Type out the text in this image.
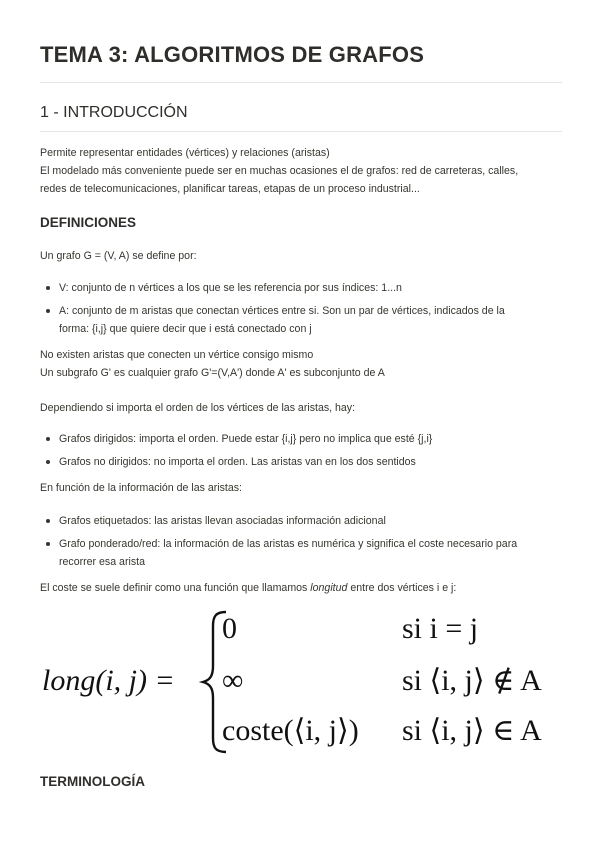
TEMA 3: ALGORITMOS DE GRAFOS
1 - INTRODUCCIÓN
Permite representar entidades (vértices) y relaciones (aristas)
El modelado más conveniente puede ser en muchas ocasiones el de grafos: red de carreteras, calles,
redes de telecomunicaciones, planificar tareas, etapas de un proceso industrial...
DEFINICIONES
Un grafo G = (V, A) se define por:
V: conjunto de n vértices a los que se les referencia por sus índices: 1...n
A: conjunto de m aristas que conectan vértices entre si. Son un par de vértices, indicados de la
forma: {i,j} que quiere decir que i está conectado con j
No existen aristas que conecten un vértice consigo mismo
Un subgrafo G' es cualquier grafo G'=(V,A') donde A' es subconjunto de A
Dependiendo si importa el orden de los vértices de las aristas, hay:
Grafos dirigidos: importa el orden. Puede estar {i,j} pero no implica que esté {j,i}
Grafos no dirigidos: no importa el orden. Las aristas van en los dos sentidos
En función de la información de las aristas:
Grafos etiquetados: las aristas llevan asociadas información adicional
Grafo ponderado/red: la información de las aristas es numérica y significa el coste necesario para
recorrer esa arista
El coste se suele definir como una función que llamamos longitud entre dos vértices i e j:
long(i, j) =
0	si i = j
∞	si ⟨i, j⟩ ∉ A
coste(⟨i, j⟩) si ⟨i, j⟩ ∈ A
TERMINOLOGÍA
